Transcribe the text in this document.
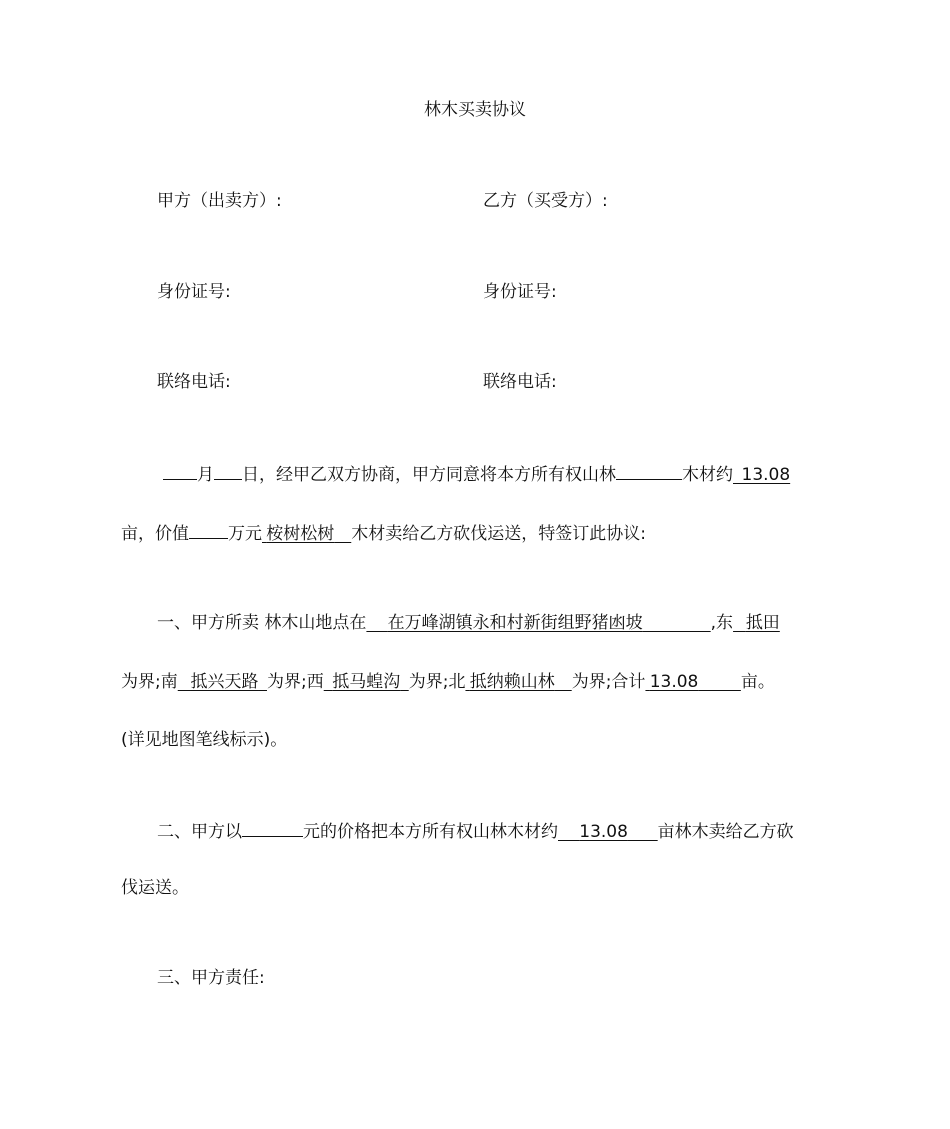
林木买卖协议
甲方（出卖方）:	乙方（买受方）:
身份证号:	身份证号:
联络电话:	联络电话:
月 日，经甲乙双方协商，甲方同意将本方所有权山林	木材约  13.08
亩，价值 万元  桉树松树   木材卖给乙方砍伐运送，特签订此协议:
一、甲方所卖 林木山地点在    在万峰湖镇永和村新街组野猪凼坡        	,东   抵田
为界;南   抵兴天路  为界;西  抵马蝗沟  为界;北  抵纳赖山林   为界;合计  13.08     	亩。
(详见地图笔线标示)。
二、甲方以	元的价格把本方所有权山林木材约    13.08     亩林木卖给乙方砍
伐运送。
三、甲方责任:
